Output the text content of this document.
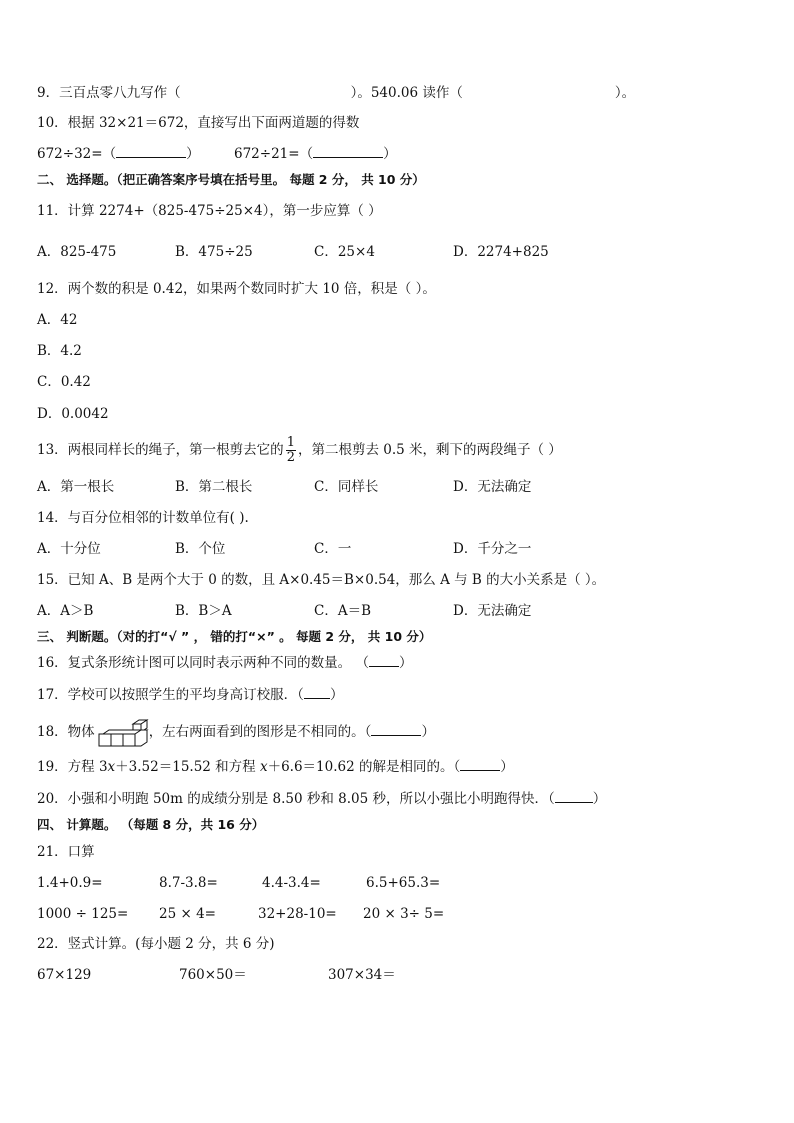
9．三百点零八九写作（	）。540.06 读作（	）。
10．根据 32×21＝672，直接写出下面两道题的得数
672÷32=（	）	672÷21=（	）
二、 选择题。（把正确答案序号填在括号里。 每题 2 分， 共 10 分）
11．计算 2274+（825-475÷25×4），第一步应算（ ）
A．825-475	B．475÷25	C．25×4	D．2274+825
12．两个数的积是 0.42，如果两个数同时扩大 10 倍，积是（ ）。
A．42
B．4.2
C．0.42
D．0.0042
13．两根同样长的绳子，第一根剪去它的 $\frac{1}{2}$ ，第二根剪去 0.5 米，剩下的两段绳子（ ）
A．第一根长	B．第二根长	C．同样长	D．无法确定
14．与百分位相邻的计数单位有( ).
A．十分位	B．个位	C．一	D．千分之一
15．已知 A、B 是两个大于 0 的数，且 A×0.45＝B×0.54，那么 A 与 B 的大小关系是（ ）。
A．A＞B	B．B＞A	C．A＝B	D．无法确定
三、 判断题。（对的打“√ ” ， 错的打“×” 。 每题 2 分， 共 10 分）
16．复式条形统计图可以同时表示两种不同的数量。 （ ）
17．学校可以按照学生的平均身高订校服．（ ）
18．物体	，左右两面看到的图形是不相同的。（	）
19．方程 3𝑥＋3.52＝15.52 和方程 𝑥＋6.6＝10.62 的解是相同的。（	）
20．小强和小明跑 50m 的成绩分别是 8.50 秒和 8.05 秒，所以小强比小明跑得快．（	）
四、 计算题。 （每题 8 分，共 16 分）
21．口算
1.4+0.9=	8.7-3.8=	4.4-3.4=	6.5+65.3=
1000 ÷ 125= 25 × 4=	32+28-10= 20 × 3÷ 5=
22．竖式计算。(每小题 2 分，共 6 分)
67×129	760×50＝	307×34＝
